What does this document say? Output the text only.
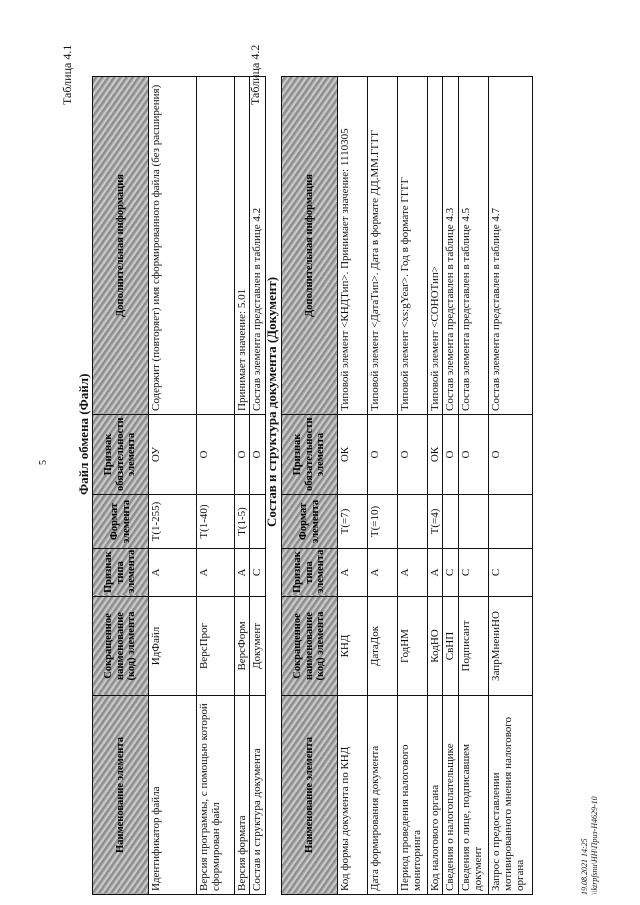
5
Таблица 4.1
Файл обмена (Файл)
Наименование элемента	Сокращенное наименование (код) элемента	Признак типа элемента	Формат элемента	Признак обязательности элемента	Дополнительная информация
Идентификатор файла	ИдФайл	А	T(1-255)	ОУ	Содержит (повторяет) имя сформированного файла (без расширения)
Версия программы, с помощью которой сформирован файл	ВерсПрог	А	T(1-40)	О	
Версия формата	ВерсФорм	А	T(1-5)	О	Принимает значение: 5.01
Состав и структура документа	Документ	С		О	Состав элемента представлен в таблице 4.2
Таблица 4.2
Состав и структура документа (Документ)
Наименование элемента	Сокращенное наименование (код) элемента	Признак типа элемента	Формат элемента	Признак обязательности элемента	Дополнительная информация
Код формы документа по КНД	КНД	А	T(=7)	ОК	Типовой элемент <КНДТип>. Принимает значение: 1110305
Дата формирования документа	ДатаДок	А	T(=10)	О	Типовой элемент <ДатаТип>. Дата в формате ДД.ММ.ГГГГ
Период проведения налогового мониторинга	ГодНМ	А		О	Типовой элемент <xs:gYear>. Год в формате ГГГГ
Код налогового органа	КодНО	А	T(=4)	ОК	Типовой элемент <СОНОТип>
Сведения о налогоплательщике	СвНП	С		О	Состав элемента представлен в таблице 4.3
Сведения о лице, подписавшем документ	Подписант	С		О	Состав элемента представлен в таблице 4.5
Запрос о предоставлении мотивированного мнения налогового органа	ЗапрМнениНО	С		О	Состав элемента представлен в таблице 4.7
19.08.2021 14:25 \\ktrpfsnu\НН\Приз-Н4629-10
